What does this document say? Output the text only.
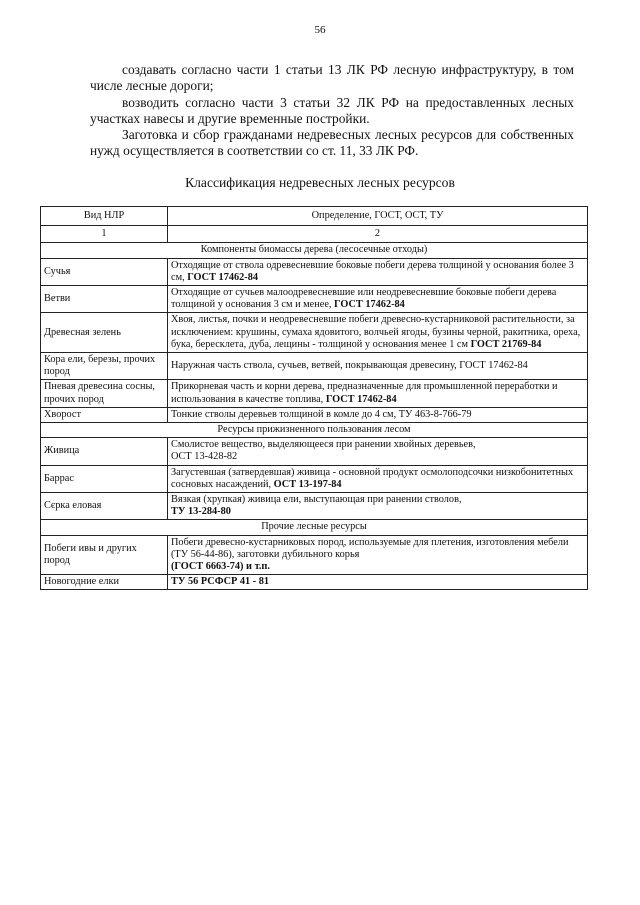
56

создавать согласно части 1 статьи 13 ЛК РФ лесную инфраструктуру, в том числе лесные дороги;

возводить согласно части 3 статьи 32 ЛК РФ на предоставленных лесных участках навесы и другие временные постройки.

Заготовка и сбор гражданами недревесных лесных ресурсов для собственных нужд осуществляется в соответствии со ст. 11, 33 ЛК РФ.

Классификация недревесных лесных ресурсов
Вид НЛР	Определение, ГОСТ, ОСТ, ТУ
1	2
Компоненты биомассы дерева (лесосечные отходы)	
Сучья	Отходящие от ствола одревесневшие боковые побеги дерева толщиной у основания более 3 см, ГОСТ 17462-84
Ветви	Отходящие от сучьев малоодревесневшие или неодревесневшие боковые побеги дерева толщиной у основания 3 см и менее, ГОСТ 17462-84
Древесная зелень	Хвоя, листья, почки и неодревесневшие побеги древесно-кустарниковой растительности, за исключением: крушины, сумаха ядовитого, волчьей ягоды, бузины черной, ракитника, ореха, бука, бересклета, дуба, лещины - толщиной у основания менее 1 см ГОСТ 21769-84
Кора ели, березы, прочих пород	Наружная часть ствола, сучьев, ветвей, покрывающая древесину, ГОСТ 17462-84
Пневая древесина сосны, прочих пород	Прикорневая часть и корни дерева, предназначенные для промышленной переработки и использования в качестве топлива, ГОСТ 17462-84
Хворост	Тонкие стволы деревьев толщиной в комле до 4 см, ТУ 463-8-766-79
Ресурсы прижизненного пользования лесом	
Живица	Смолистое вещество, выделяющееся при ранении хвойных деревьев,
ОСТ 13-428-82
Баррас	Загустевшая (затвердевшая) живица - основной продукт осмолоподсочки низкобонитетных сосновых насаждений, ОСТ 13-197-84
Сєрка еловая	Вязкая (хрупкая) живица ели, выступающая при ранении стволов,
ТУ 13-284-80
Прочие лесные ресурсы	
Побеги ивы и других пород	Побеги древесно-кустарниковых пород, используемые для плетения, изготовления мебели (ТУ 56-44-86), заготовки дубильного корья
(ГОСТ 6663-74) и т.п.
Новогодние елки	ТУ 56 РСФСР 41 - 81
